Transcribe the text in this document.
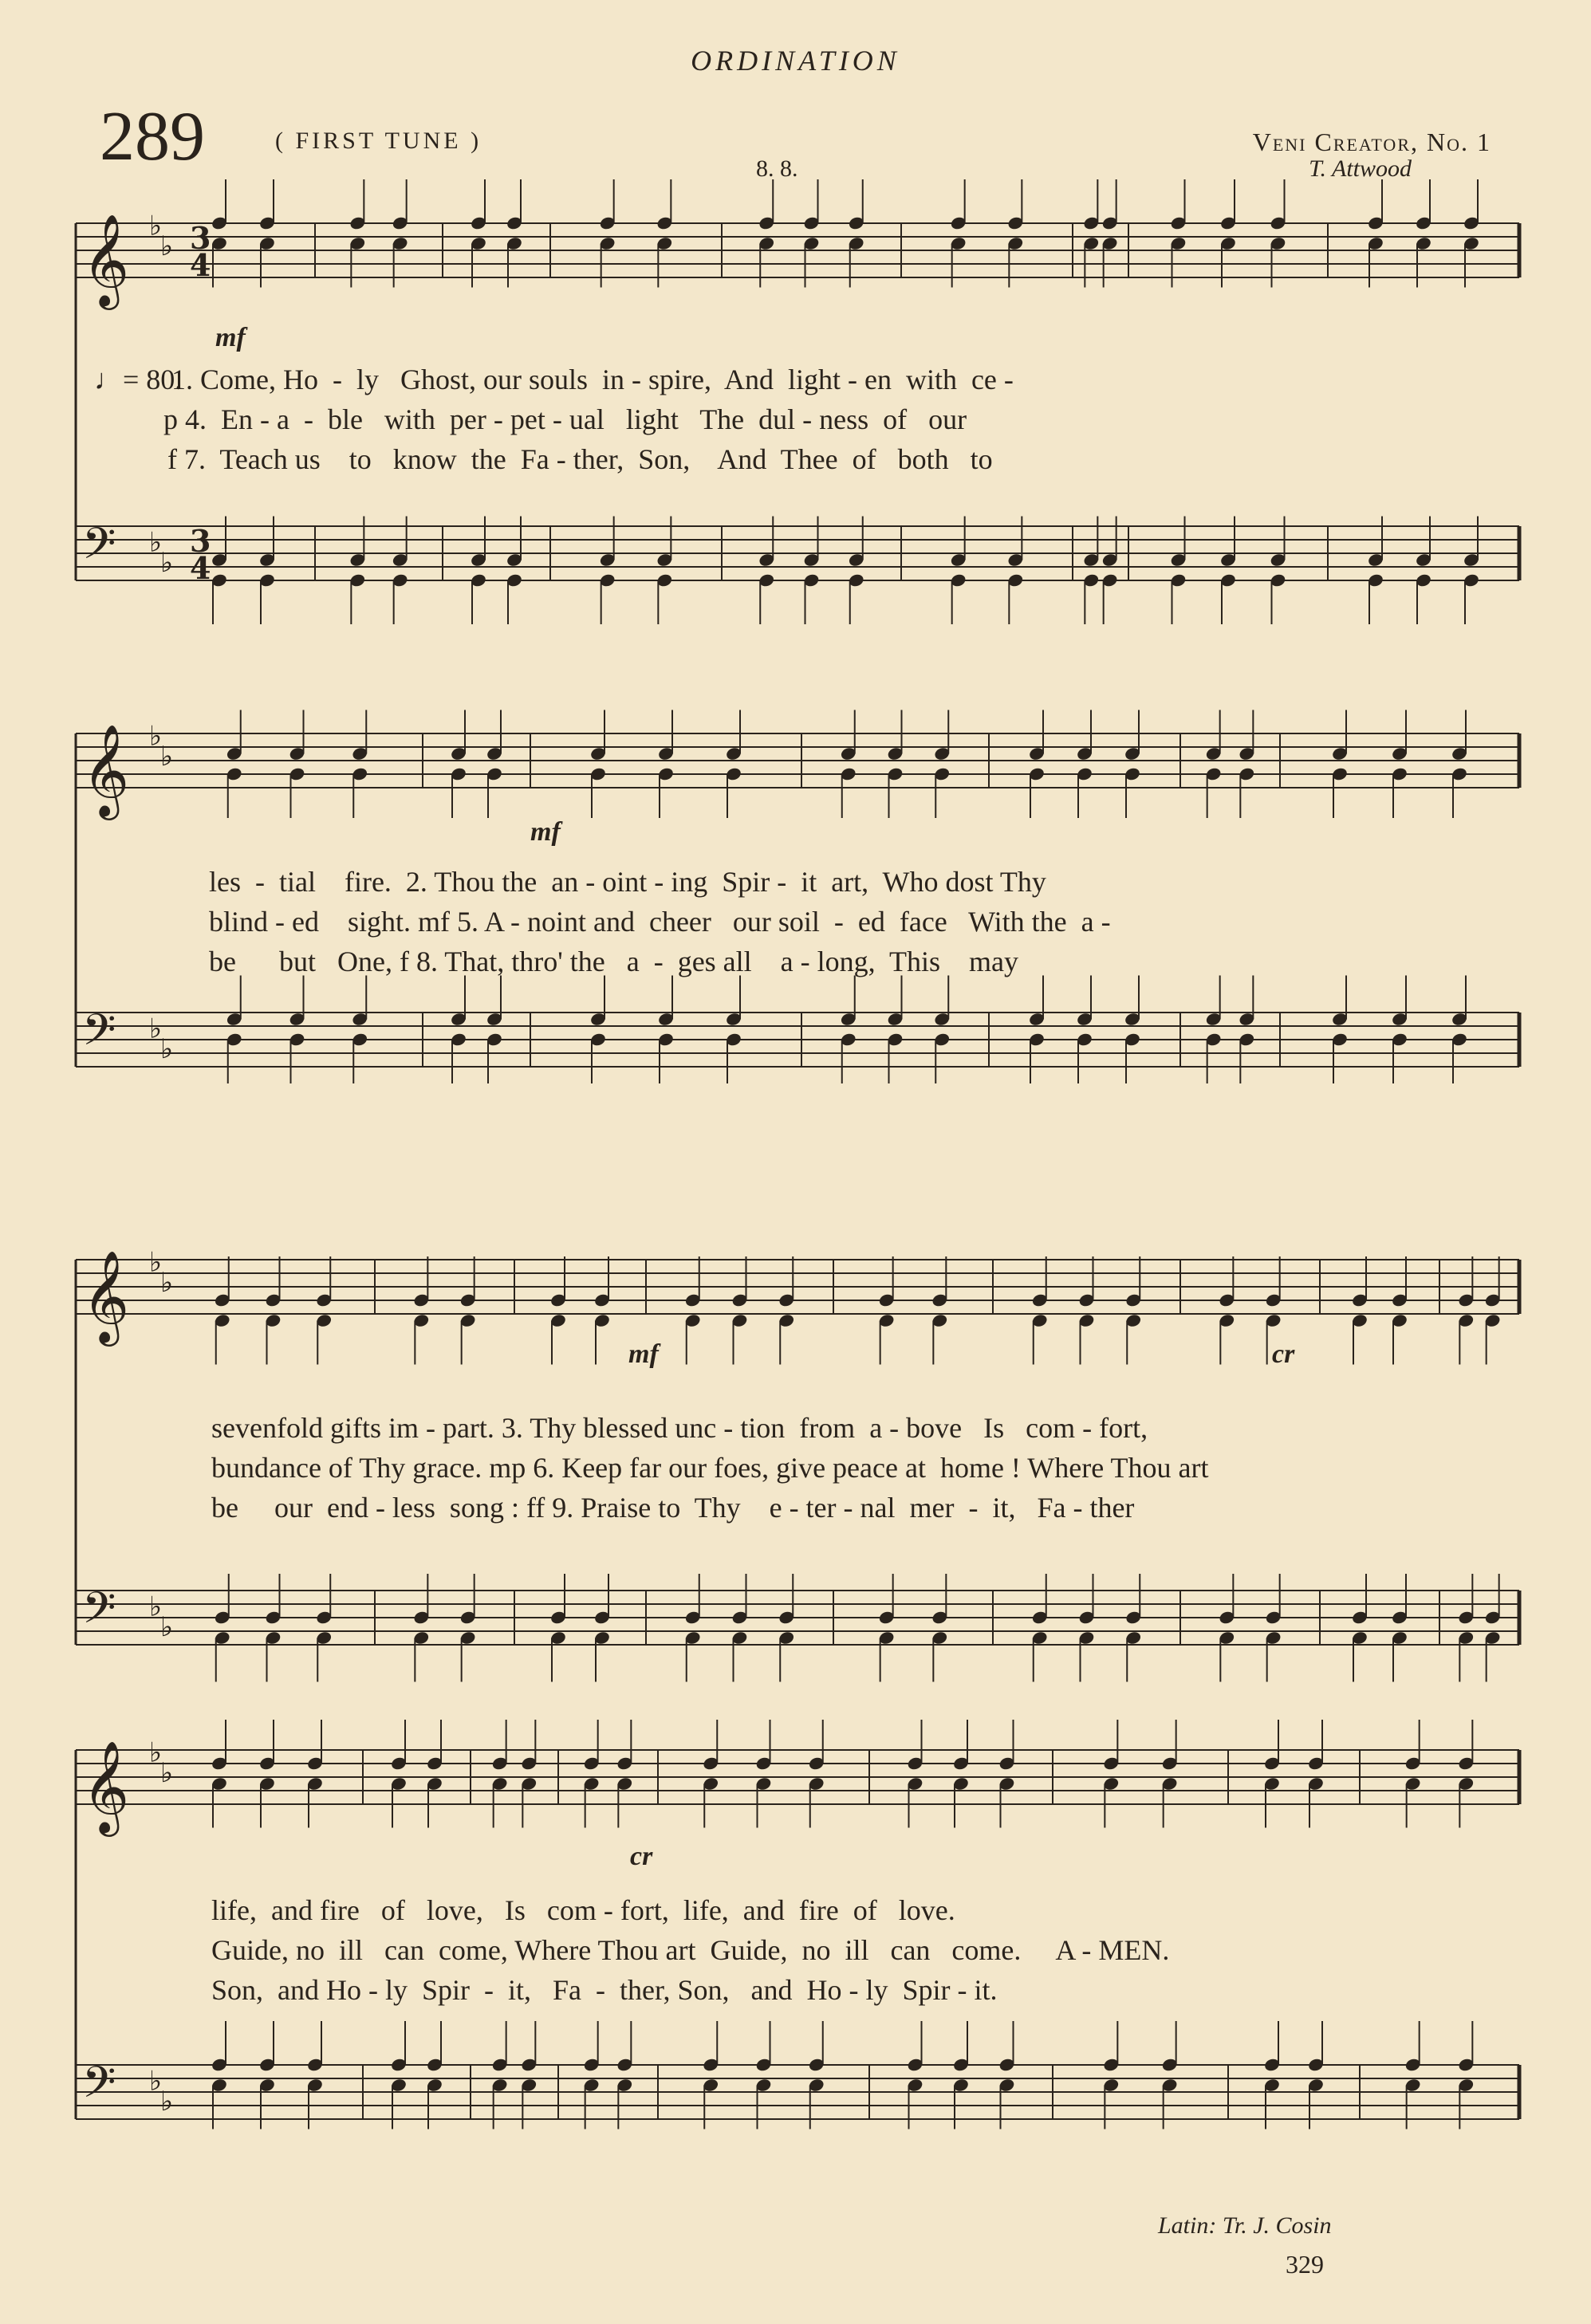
ORDINATION
289	( FIRST TUNE )
8. 8.
Veni Creator, No. 1
T. Attwood
𝄞 ♭
♭ 3
4
𝄢 ♭
♭
3
4
𝄞 ♭
♭
𝄢 ♭
♭
𝄞 ♭
♭
𝄢 ♭
♭
𝄞 ♭
♭
𝄢 ♭
♭
♩= 80.
mf
1. Come, Ho  -  ly   Ghost, our souls  in - spire,  And  light - en  with  ce -
p 4.  En - a  -  ble   with  per - pet - ual   light   The  dul - ness  of   our
f 7.  Teach us    to   know  the  Fa - ther,  Son,    And  Thee  of   both   to
mf
les  -  tial    fire.  2. Thou the  an - oint - ing  Spir -  it  art,  Who dost Thy
blind - ed    sight. mf 5. A - noint and  cheer   our soil  -  ed  face   With the  a -
be      but   One, f 8. That, thro' the   a  -  ges all    a - long,  This    may
mf	cr
sevenfold gifts im - part. 3. Thy blessed unc - tion  from  a - bove   Is   com - fort,
bundance of Thy grace. mp 6. Keep far our foes, give peace at  home ! Where Thou art
be     our  end - less  song : ff 9. Praise to  Thy    e - ter - nal  mer  -  it,   Fa - ther
cr
life,  and fire   of   love,   Is   com - fort,  life,  and  fire  of   love.
Guide, no  ill   can  come, Where Thou art  Guide,  no  ill   can   come.     A - MEN.
Son,  and Ho - ly  Spir  -  it,   Fa  -  ther, Son,   and  Ho - ly  Spir - it.
Latin: Tr. J. Cosin
329
